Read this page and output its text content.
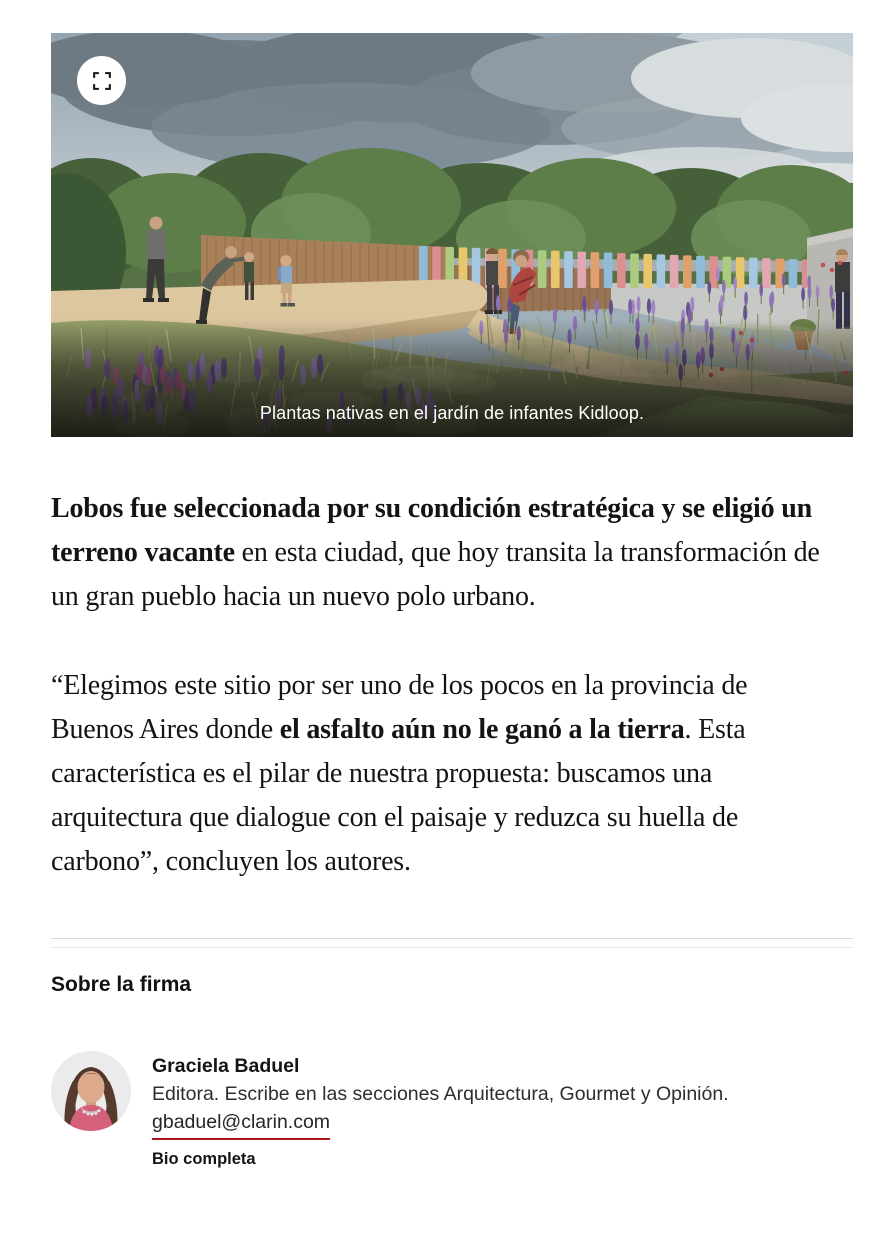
Plantas nativas en el jardín de infantes Kidloop.

Lobos fue seleccionada por su condición estratégica y se eligió un terreno vacante en esta ciudad, que hoy transita la transformación de un gran pueblo hacia un nuevo polo urbano.

“Elegimos este sitio por ser uno de los pocos en la provincia de Buenos Aires donde el asfalto aún no le ganó a la tierra. Esta característica es el pilar de nuestra propuesta: buscamos una arquitectura que dialogue con el paisaje y reduzca su huella de carbono”, concluyen los autores.

Sobre la firma
Graciela Baduel
Editora. Escribe en las secciones Arquitectura, Gourmet y Opinión.
gbaduel@clarin.com
Bio completa
